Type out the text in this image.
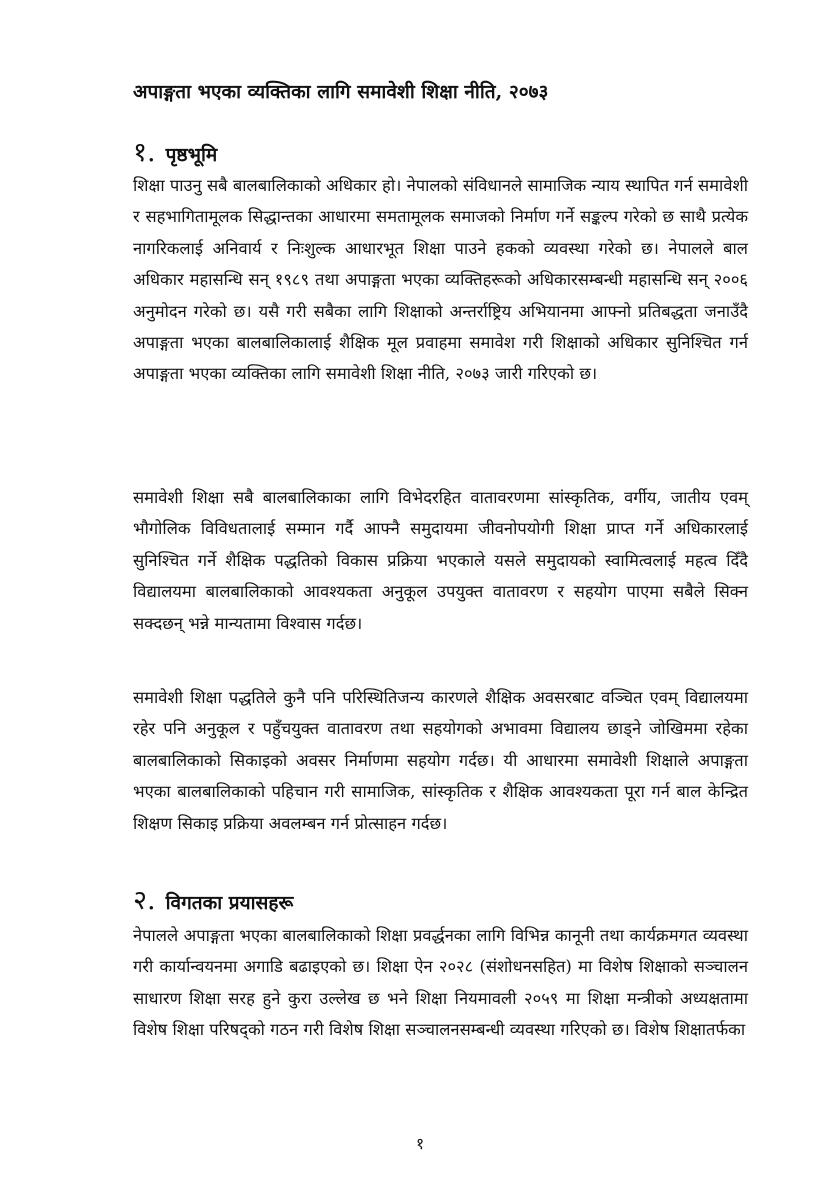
अपाङ्गता भएका व्यक्तिका लागि समावेशी शिक्षा नीति, २०७३
१. पृष्ठभूमि

शिक्षा पाउनु सबै बालबालिकाको अधिकार हो। नेपालको संविधानले सामाजिक न्याय स्थापित गर्न समावेशी र सहभागितामूलक सिद्धान्तका आधारमा समतामूलक समाजको निर्माण गर्ने सङ्कल्प गरेको छ साथै प्रत्येक नागरिकलाई अनिवार्य र निःशुल्क आधारभूत शिक्षा पाउने हकको व्यवस्था गरेको छ। नेपालले बाल अधिकार महासन्धि सन् १९८९ तथा अपाङ्गता भएका व्यक्तिहरूको अधिकारसम्बन्धी महासन्धि सन् २००६ अनुमोदन गरेको छ। यसै गरी सबैका लागि शिक्षाको अन्तर्राष्ट्रिय अभियानमा आफ्नो प्रतिबद्धता जनाउँदै अपाङ्गता भएका बालबालिकालाई शैक्षिक मूल प्रवाहमा समावेश गरी शिक्षाको अधिकार सुनिश्चित गर्न अपाङ्गता भएका व्यक्तिका लागि समावेशी शिक्षा नीति, २०७३ जारी गरिएको छ।

समावेशी शिक्षा सबै बालबालिकाका लागि विभेदरहित वातावरणमा सांस्कृतिक, वर्गीय, जातीय एवम् भौगोलिक विविधतालाई सम्मान गर्दै आफ्नै समुदायमा जीवनोपयोगी शिक्षा प्राप्त गर्ने अधिकारलाई सुनिश्चित गर्ने शैक्षिक पद्धतिको विकास प्रक्रिया भएकाले यसले समुदायको स्वामित्वलाई महत्व दिँदै विद्यालयमा बालबालिकाको आवश्यकता अनुकूल उपयुक्त वातावरण र सहयोग पाएमा सबैले सिक्न सक्दछन् भन्ने मान्यतामा विश्वास गर्दछ।

समावेशी शिक्षा पद्धतिले कुनै पनि परिस्थितिजन्य कारणले शैक्षिक अवसरबाट वञ्चित एवम् विद्यालयमा रहेर पनि अनुकूल र पहुँचयुक्त वातावरण तथा सहयोगको अभावमा विद्यालय छाड्ने जोखिममा रहेका बालबालिकाको सिकाइको अवसर निर्माणमा सहयोग गर्दछ। यी आधारमा समावेशी शिक्षाले अपाङ्गता भएका बालबालिकाको पहिचान गरी सामाजिक, सांस्कृतिक र शैक्षिक आवश्यकता पूरा गर्न बाल केन्द्रित शिक्षण सिकाइ प्रक्रिया अवलम्बन गर्न प्रोत्साहन गर्दछ।

२. विगतका प्रयासहरू

नेपालले अपाङ्गता भएका बालबालिकाको शिक्षा प्रवर्द्धनका लागि विभिन्न कानूनी तथा कार्यक्रमगत व्यवस्था गरी कार्यान्वयनमा अगाडि बढाइएको छ। शिक्षा ऐन २०२८ (संशोधनसहित) मा विशेष शिक्षाको सञ्चालन साधारण शिक्षा सरह हुने कुरा उल्लेख छ भने शिक्षा नियमावली २०५९ मा शिक्षा मन्त्रीको अध्यक्षतामा विशेष शिक्षा परिषद्को गठन गरी विशेष शिक्षा सञ्चालनसम्बन्धी व्यवस्था गरिएको छ। विशेष शिक्षातर्फका

१
